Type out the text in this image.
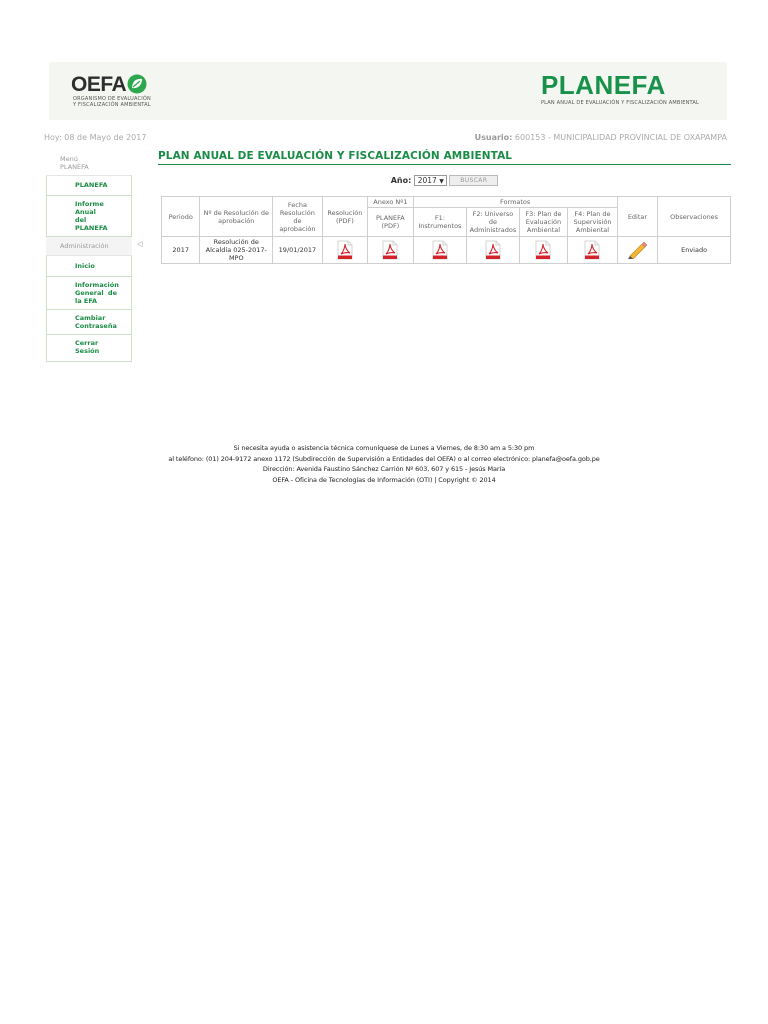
OEFA
ORGANISMO DE EVALUACIÓN
Y FISCALIZACIÓN AMBIENTAL
PLANEFA
PLAN ANUAL DE EVALUACIÓN Y FISCALIZACIÓN AMBIENTAL
Hoy: 08 de Mayo de 2017	Usuario: 600153 - MUNICIPALIDAD PROVINCIAL DE OXAPAMPA
Menú
PLANEFA
PLANEFA
Informe Anual del PLANEFA
Administración
Inicio
Información General de la EFA
Cambiar Contraseña
Cerrar Sesión
◁
PLAN ANUAL DE EVALUACIÓN Y FISCALIZACIÓN AMBIENTAL
Año: 2017 ▼	BUSCAR
Periodo	Nº de Resolución de aprobación	Fecha Resolución de aprobación	Resolución (PDF)	Anexo Nº1	Formatos				Editar	Observaciones
				PLANEFA (PDF)	F1: Instrumentos	F2: Universo de Administrados	F3: Plan de Evaluación Ambiental	F4: Plan de Supervisión Ambiental		
2017	Resolución de Alcaldía 025-2017-MPO	19/01/2017								Enviado
Si necesita ayuda o asistencia técnica comuníquese de Lunes a Viernes, de 8:30 am a 5:30 pm
al teléfono: (01) 204-9172 anexo 1172 (Subdirección de Supervisión a Entidades del OEFA) o al correo electrónico: planefa@oefa.gob.pe
Dirección: Avenida Faustino Sánchez Carrión Nº 603, 607 y 615 - Jesús María
OEFA - Oficina de Tecnologías de Información (OTI) | Copyright © 2014
